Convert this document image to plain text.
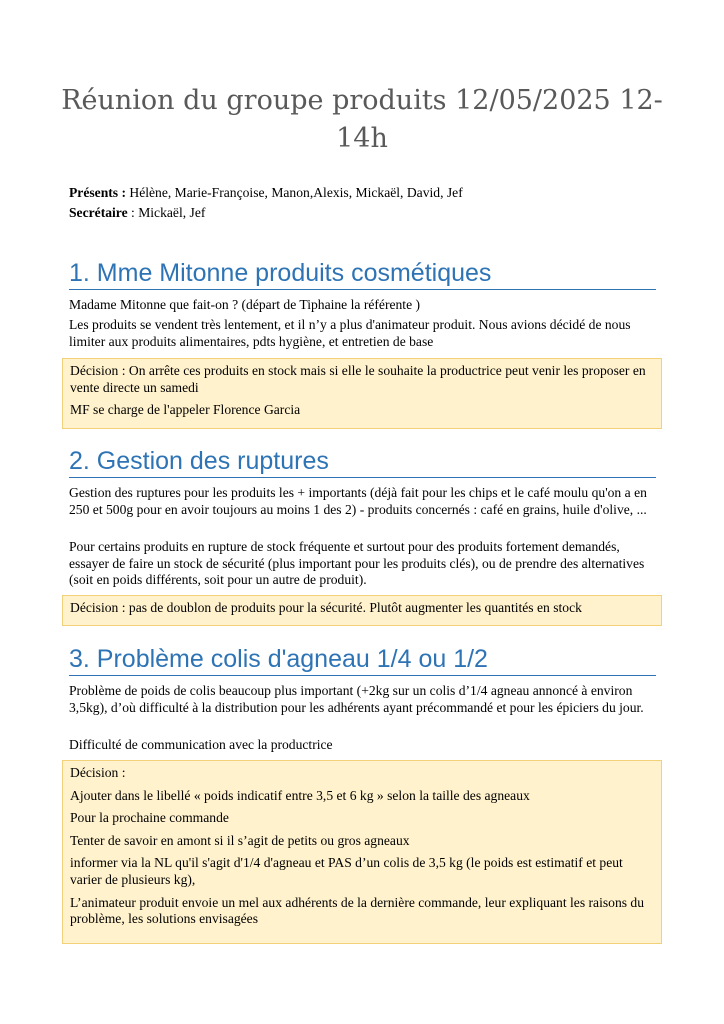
Réunion du groupe produits 12/05/2025 12-14h
Présents : Hélène, Marie-Françoise, Manon,Alexis, Mickaël, David, Jef
Secrétaire : Mickaël, Jef
1. Mme Mitonne produits cosmétiques
Madame Mitonne que fait-on ? (départ de Tiphaine la référente )
Les produits se vendent très lentement, et il n’y a plus d'animateur produit. Nous avions décidé de nous limiter aux produits alimentaires, pdts hygiène, et entretien de base

Décision : On arrête ces produits en stock mais si elle le souhaite la productrice peut venir les proposer en vente directe un samedi

MF se charge de l'appeler Florence Garcia

2. Gestion des ruptures
Gestion des ruptures pour les produits les + importants (déjà fait pour les chips et le café moulu qu'on a en 250 et 500g pour en avoir toujours au moins 1 des 2) - produits concernés : café en grains, huile d'olive, ...
Pour certains produits en rupture de stock fréquente et surtout pour des produits fortement demandés, essayer de faire un stock de sécurité (plus important pour les produits clés), ou de prendre des alternatives (soit en poids différents, soit pour un autre de produit).

Décision : pas de doublon de produits pour la sécurité. Plutôt augmenter les quantités en stock

3. Problème colis d'agneau 1/4 ou 1/2
Problème de poids de colis beaucoup plus important (+2kg sur un colis d’1/4 agneau annoncé à environ 3,5kg), d’où difficulté à la distribution pour les adhérents ayant précommandé et pour les épiciers du jour.
Difficulté de communication avec la productrice

Décision :

Ajouter dans le libellé « poids indicatif entre 3,5 et 6 kg » selon la taille des agneaux

Pour la prochaine commande

Tenter de savoir en amont si il s’agit de petits ou gros agneaux

informer via la NL qu'il s'agit d'1/4 d'agneau et PAS d’un colis de 3,5 kg (le poids est estimatif et peut varier de plusieurs kg),

L’animateur produit envoie un mel aux adhérents de la dernière commande, leur expliquant les raisons du problème, les solutions envisagées
